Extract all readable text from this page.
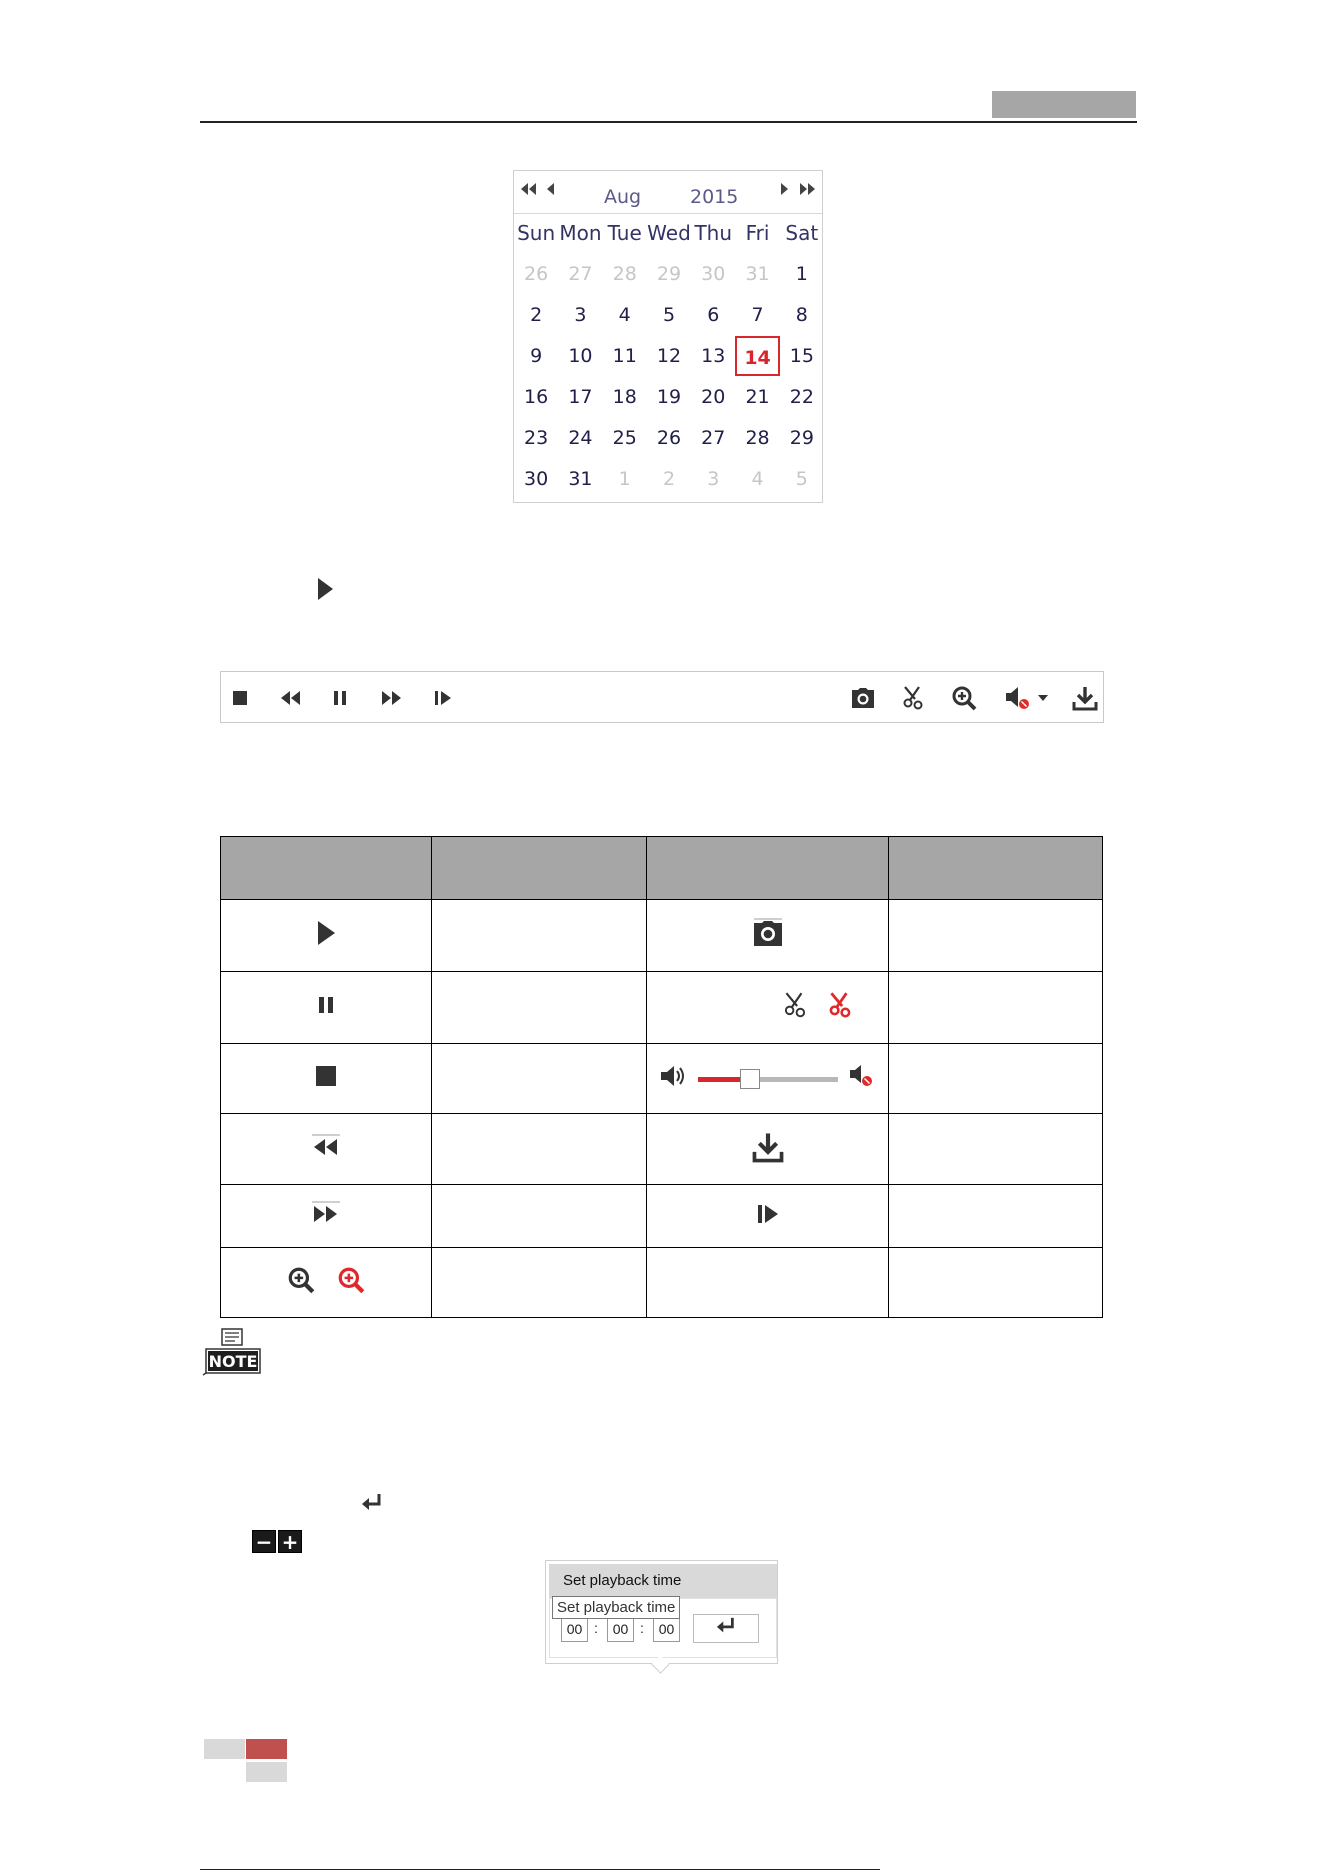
Aug	2015
Sun Mon Tue Wed Thu Fri Sat
26	27	28	29	30	31	1
2	3	4	5	6	7	8
9	10	11	12	13 14 15
16	17	18	19	20	21	22
23	24	25	26	27	28	29
30	31	1	2	3	4	5

NOTE
− +
Set playback time
00 :	00 :	00
Set playback time
